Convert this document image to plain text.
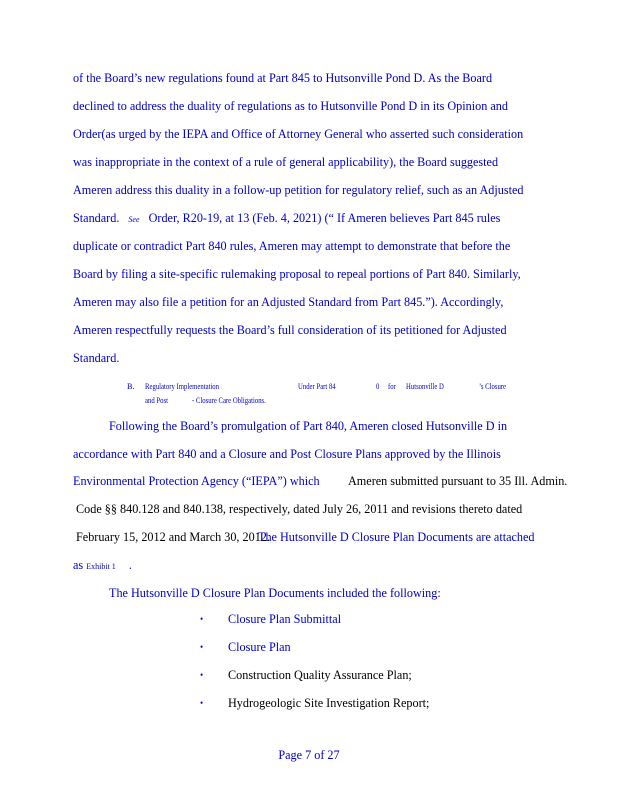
of the Board’s new regulations found at Part 845 to Hutsonville Pond D. As the Board
declined to address the duality of regulations as to Hutsonville Pond D in its Opinion and
Order(as urged by the IEPA and Office of Attorney General who asserted such consideration
was inappropriate in the context of a rule of general applicability), the Board suggested
Ameren address this duality in a follow-up petition for regulatory relief, such as an Adjusted
Standard. See Order, R20-19, at 13 (Feb. 4, 2021) (“ If Ameren believes Part 845 rules
duplicate or contradict Part 840 rules, Ameren may attempt to demonstrate that before the
Board by filing a site-specific rulemaking proposal to repeal portions of Part 840. Similarly,
Ameren may also file a petition for an Adjusted Standard from Part 845.”). Accordingly,
Ameren respectfully requests the Board’s full consideration of its petitioned for Adjusted
Standard.
B. Regulatory Implementation	Under Part 84	0 for Hutsonville D	’s Closure
and Post	- Closure Care Obligations.
Following the Board’s promulgation of Part 840, Ameren closed Hutsonville D in
accordance with Part 840 and a Closure and Post Closure Plans approved by the Illinois
Environmental Protection Agency (“IEPA”) which Ameren submitted pursuant to 35 Ill. Admin.
Code §§ 840.128 and 840.138, respectively, dated July 26, 2011 and revisions thereto dated
February 15, 2012 and March 30, 2012.
The Hutsonville D Closure Plan Documents are attached
as Exhibit 1 .
The Hutsonville D Closure Plan Documents included the following:
• Closure Plan Submittal
• Closure Plan
• Construction Quality Assurance Plan;
• Hydrogeologic Site Investigation Report;
Page 7 of 27
